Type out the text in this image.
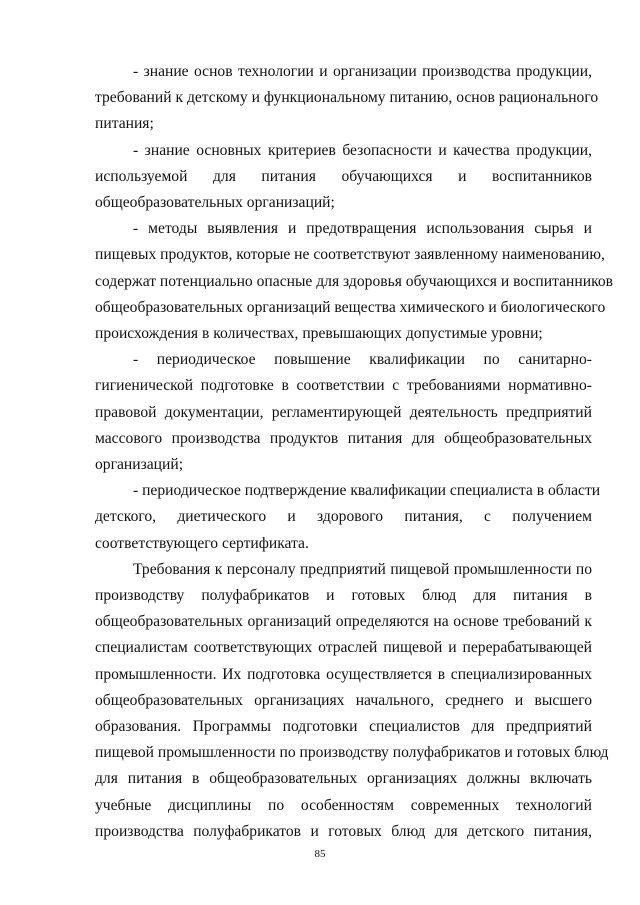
- знание основ технологии и организации производства продукции,
требований к детскому и функциональному питанию, основ рационального
питания;
- знание основных критериев безопасности и качества продукции,
используемой для питания обучающихся и воспитанников
общеобразовательных организаций;
- методы выявления и предотвращения использования сырья и
пищевых продуктов, которые не соответствуют заявленному наименованию,
содержат потенциально опасные для здоровья обучающихся и воспитанников
общеобразовательных организаций вещества химического и биологического
происхождения в количествах, превышающих допустимые уровни;
- периодическое повышение квалификации по санитарно-
гигиенической подготовке в соответствии с требованиями нормативно-
правовой документации, регламентирующей деятельность предприятий
массового производства продуктов питания для общеобразовательных
организаций;
- периодическое подтверждение квалификации специалиста в области
детского, диетического и здорового питания, с получением
соответствующего сертификата.
Требования к персоналу предприятий пищевой промышленности по
производству полуфабрикатов и готовых блюд для питания в
общеобразовательных организаций определяются на основе требований к
специалистам соответствующих отраслей пищевой и перерабатывающей
промышленности. Их подготовка осуществляется в специализированных
общеобразовательных организациях начального, среднего и высшего
образования. Программы подготовки специалистов для предприятий
пищевой промышленности по производству полуфабрикатов и готовых блюд
для питания в общеобразовательных организациях должны включать
учебные дисциплины по особенностям современных технологий
производства полуфабрикатов и готовых блюд для детского питания,
85
